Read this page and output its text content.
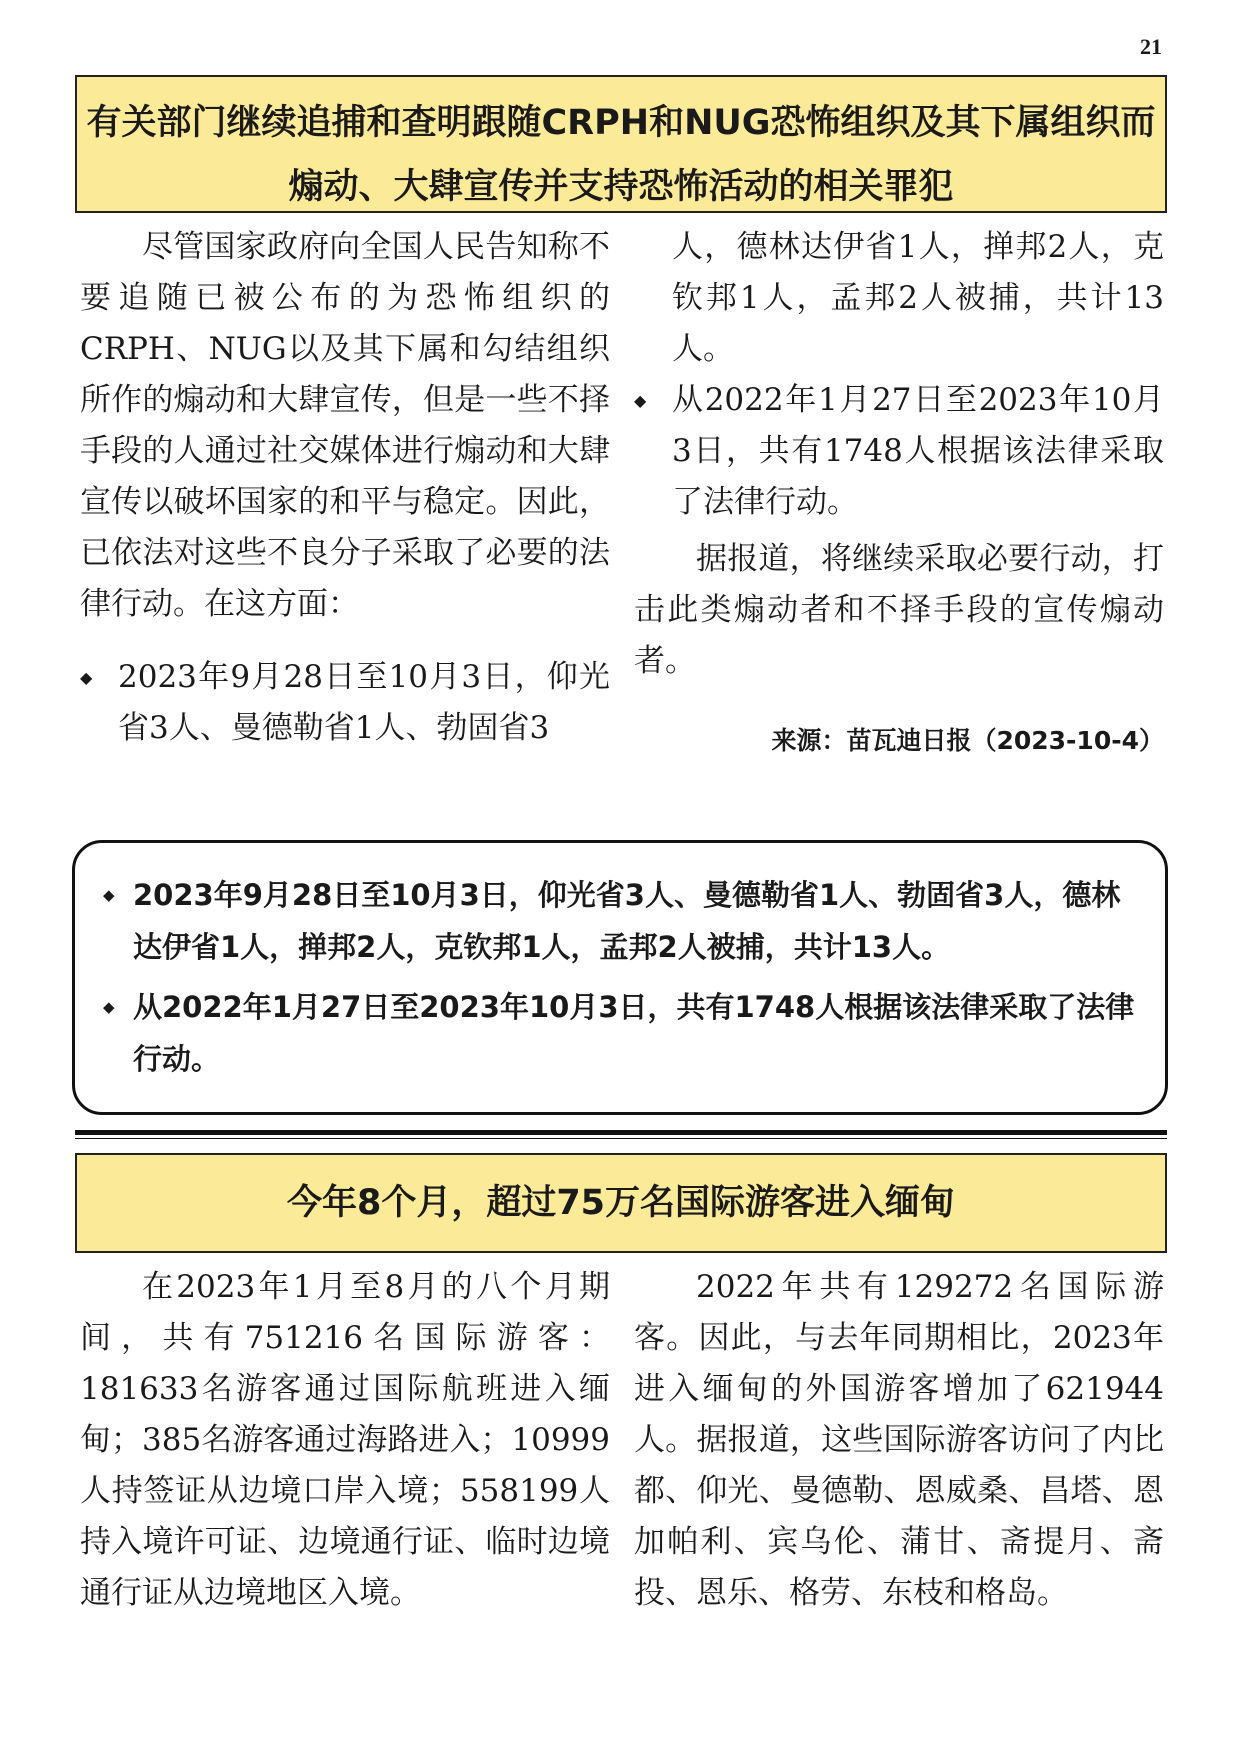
21
有关部门继续追捕和查明跟随CRPH和NUG恐怖组织及其下属组织而
煽动、大肆宣传并支持恐怖活动的相关罪犯

尽管国家政府向全国人民告知称不要追随已被公布的为恐怖组织的CRPH、NUG以及其下属和勾结组织所作的煽动和大肆宣传，但是一些不择手段的人通过社交媒体进行煽动和大肆宣传以破坏国家的和平与稳定。因此，已依法对这些不良分子采取了必要的法律行动。在这方面：

◆ 2023年9月28日至10月3日，仰光省3人、曼德勒省1人、勃固省3
人，德林达伊省1人，掸邦2人，克钦邦1人，孟邦2人被捕，共计13人。
◆ 从2022年1月27日至2023年10月3日，共有1748人根据该法律采取了法律行动。

据报道，将继续采取必要行动，打击此类煽动者和不择手段的宣传煽动者。

来源：苗瓦迪日报（2023-10-4）

◆ 2023年9月28日至10月3日，仰光省3人、曼德勒省1人、勃固省3人，德林达伊省1人，掸邦2人，克钦邦1人，孟邦2人被捕，共计13人。
◆ 从2022年1月27日至2023年10月3日，共有1748人根据该法律采取了法律行动。
今年8个月，超过75万名国际游客进入缅甸

在2023年1月至8月的八个月期间，共有751216名国际游客：181633名游客通过国际航班进入缅甸；385名游客通过海路进入；10999人持签证从边境口岸入境；558199人持入境许可证、边境通行证、临时边境通行证从边境地区入境。

2022年共有129272名国际游客。因此，与去年同期相比，2023年进入缅甸的外国游客增加了621944人。据报道，这些国际游客访问了内比都、仰光、曼德勒、恩威桑、昌塔、恩加帕利、宾乌伦、蒲甘、斋提月、斋投、恩乐、格劳、东枝和格岛。
